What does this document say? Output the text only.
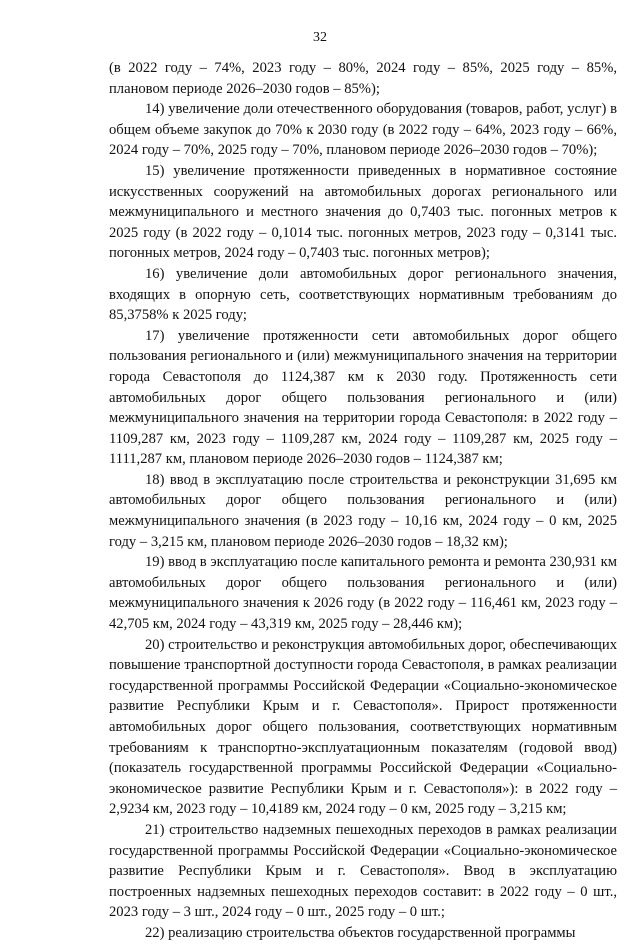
32

(в 2022 году – 74%, 2023 году – 80%, 2024 году – 85%, 2025 году – 85%, плановом периоде 2026–2030 годов – 85%);

14) увеличение доли отечественного оборудования (товаров, работ, услуг) в общем объеме закупок до 70% к 2030 году (в 2022 году – 64%, 2023 году – 66%, 2024 году – 70%, 2025 году – 70%, плановом периоде 2026–2030 годов – 70%);

15) увеличение протяженности приведенных в нормативное состояние искусственных сооружений на автомобильных дорогах регионального или межмуниципального и местного значения до 0,7403 тыс. погонных метров к 2025 году (в 2022 году – 0,1014 тыс. погонных метров, 2023 году – 0,3141 тыс. погонных метров, 2024 году – 0,7403 тыс. погонных метров);

16) увеличение доли автомобильных дорог регионального значения, входящих в опорную сеть, соответствующих нормативным требованиям до 85,3758% к 2025 году;

17) увеличение протяженности сети автомобильных дорог общего пользования регионального и (или) межмуниципального значения на территории города Севастополя до 1124,387 км к 2030 году. Протяженность сети автомобильных дорог общего пользования регионального и (или) межмуниципального значения на территории города Севастополя: в 2022 году – 1109,287 км, 2023 году – 1109,287 км, 2024 году – 1109,287 км, 2025 году – 1111,287 км, плановом периоде 2026–2030 годов – 1124,387 км;

18) ввод в эксплуатацию после строительства и реконструкции 31,695 км автомобильных дорог общего пользования регионального и (или) межмуниципального значения (в 2023 году – 10,16 км, 2024 году – 0 км, 2025 году – 3,215 км, плановом периоде 2026–2030 годов – 18,32 км);

19) ввод в эксплуатацию после капитального ремонта и ремонта 230,931 км автомобильных дорог общего пользования регионального и (или) межмуниципального значения к 2026 году (в 2022 году – 116,461 км, 2023 году – 42,705 км, 2024 году – 43,319 км, 2025 году – 28,446 км);

20) строительство и реконструкция автомобильных дорог, обеспечивающих повышение транспортной доступности города Севастополя, в рамках реализации государственной программы Российской Федерации «Социально-экономическое развитие Республики Крым и г. Севастополя». Прирост протяженности автомобильных дорог общего пользования, соответствующих нормативным требованиям к транспортно-эксплуатационным показателям (годовой ввод) (показатель государственной программы Российской Федерации «Социально-экономическое развитие Республики Крым и г. Севастополя»): в 2022 году – 2,9234 км, 2023 году – 10,4189 км, 2024 году – 0 км, 2025 году – 3,215 км;

21) строительство надземных пешеходных переходов в рамках реализации государственной программы Российской Федерации «Социально-экономическое развитие Республики Крым и г. Севастополя». Ввод в эксплуатацию построенных надземных пешеходных переходов составит: в 2022 году – 0 шт., 2023 году – 3 шт., 2024 году – 0 шт., 2025 году – 0 шт.;

22) реализацию строительства объектов государственной программы
